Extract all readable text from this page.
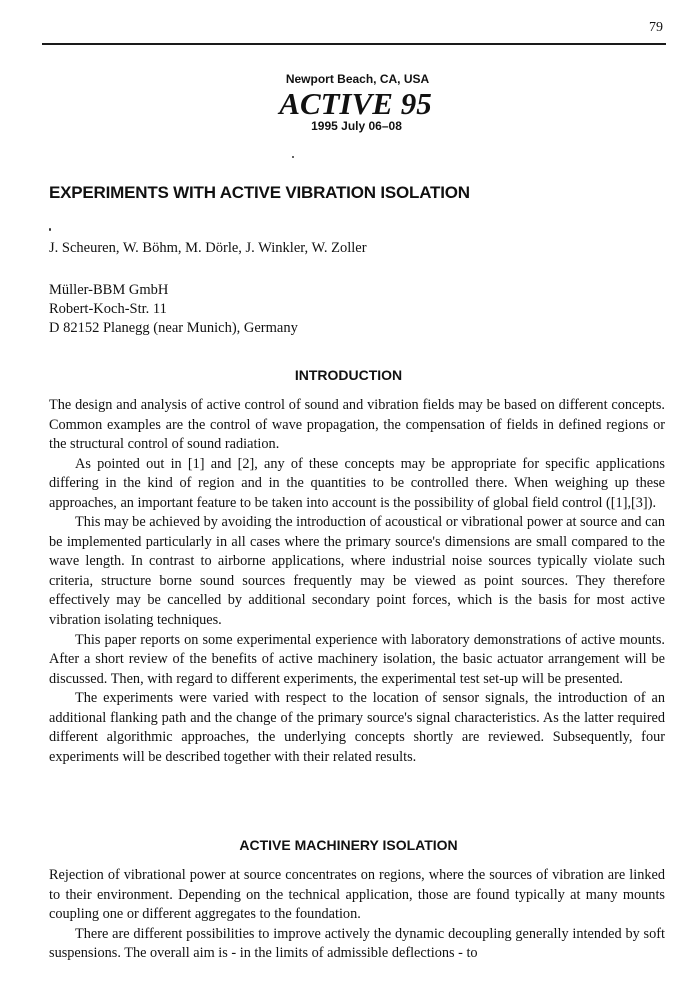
79
Newport Beach, CA, USA
ACTIVE 95
1995 July 06–08
EXPERIMENTS WITH ACTIVE VIBRATION ISOLATION
J. Scheuren, W. Böhm, M. Dörle, J. Winkler, W. Zoller
Müller-BBM GmbH
Robert-Koch-Str. 11
D 82152 Planegg (near Munich), Germany
INTRODUCTION

The design and analysis of active control of sound and vibration fields may be based on different concepts. Common examples are the control of wave propagation, the compensation of fields in defined regions or the structural control of sound radiation.

As pointed out in [1] and [2], any of these concepts may be appropriate for specific applications differing in the kind of region and in the quantities to be controlled there. When weighing up these approaches, an important feature to be taken into account is the possibility of global field control ([1],[3]).

This may be achieved by avoiding the introduction of acoustical or vibrational power at source and can be implemented particularly in all cases where the primary source's dimensions are small compared to the wave length. In contrast to airborne applications, where industrial noise sources typically violate such criteria, structure borne sound sources frequently may be viewed as point sources. They therefore effectively may be cancelled by additional secondary point forces, which is the basis for most active vibration isolating techniques.

This paper reports on some experimental experience with laboratory demonstrations of active mounts. After a short review of the benefits of active machinery isolation, the basic actuator arrangement will be discussed. Then, with regard to different experiments, the experimental test set-up will be presented.

The experiments were varied with respect to the location of sensor signals, the introduction of an additional flanking path and the change of the primary source's signal characteristics. As the latter required different algorithmic approaches, the underlying concepts shortly are reviewed. Subsequently, four experiments will be described together with their related results.

ACTIVE MACHINERY ISOLATION

Rejection of vibrational power at source concentrates on regions, where the sources of vibration are linked to their environment. Depending on the technical application, those are found typically at many mounts coupling one or different aggregates to the foundation.

There are different possibilities to improve actively the dynamic decoupling generally intended by soft suspensions. The overall aim is - in the limits of admissible deflections - to
